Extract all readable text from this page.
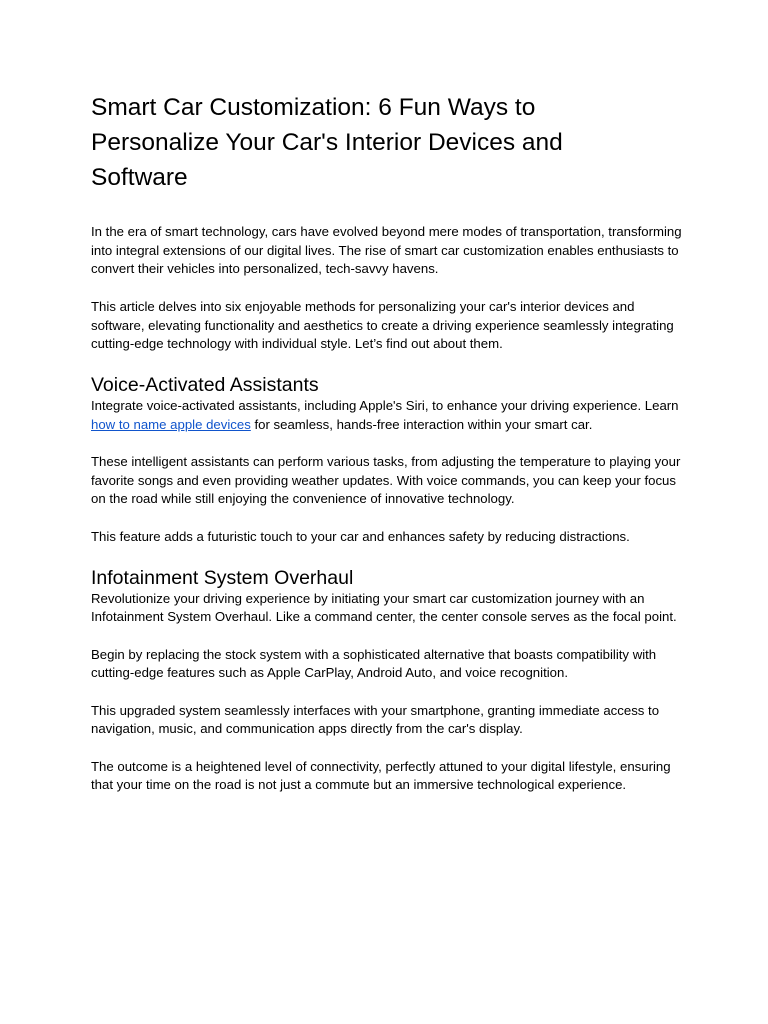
Smart Car Customization: 6 Fun Ways to Personalize Your Car's Interior Devices and Software

In the era of smart technology, cars have evolved beyond mere modes of transportation, transforming into integral extensions of our digital lives. The rise of smart car customization enables enthusiasts to convert their vehicles into personalized, tech-savvy havens.

This article delves into six enjoyable methods for personalizing your car's interior devices and software, elevating functionality and aesthetics to create a driving experience seamlessly integrating cutting-edge technology with individual style. Let’s find out about them.

Voice-Activated Assistants

Integrate voice-activated assistants, including Apple's Siri, to enhance your driving experience. Learn how to name apple devices for seamless, hands-free interaction within your smart car.

These intelligent assistants can perform various tasks, from adjusting the temperature to playing your favorite songs and even providing weather updates. With voice commands, you can keep your focus on the road while still enjoying the convenience of innovative technology.

This feature adds a futuristic touch to your car and enhances safety by reducing distractions.

Infotainment System Overhaul

Revolutionize your driving experience by initiating your smart car customization journey with an Infotainment System Overhaul. Like a command center, the center console serves as the focal point.

Begin by replacing the stock system with a sophisticated alternative that boasts compatibility with cutting-edge features such as Apple CarPlay, Android Auto, and voice recognition.

This upgraded system seamlessly interfaces with your smartphone, granting immediate access to navigation, music, and communication apps directly from the car's display.

The outcome is a heightened level of connectivity, perfectly attuned to your digital lifestyle, ensuring that your time on the road is not just a commute but an immersive technological experience.
